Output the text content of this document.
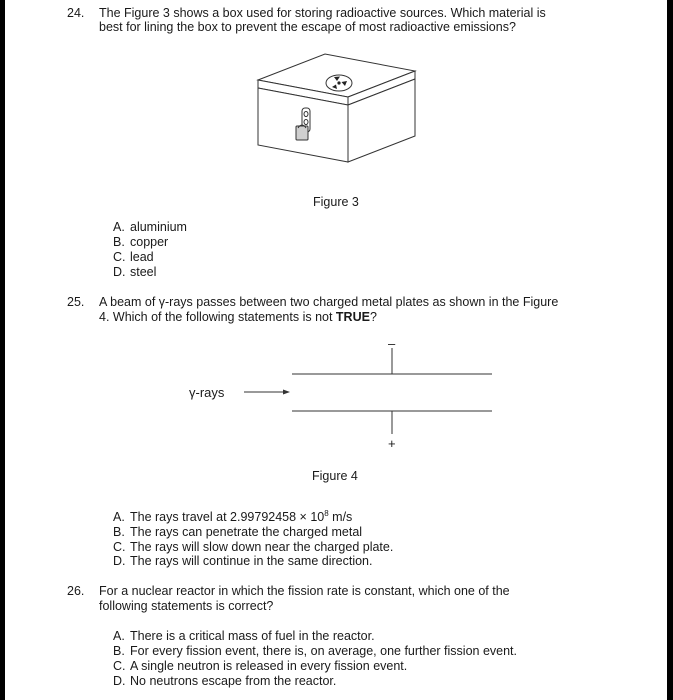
24. The Figure 3 shows a box used for storing radioactive sources. Which material is
best for lining the box to prevent the escape of most radioactive emissions?
Figure 3
A. aluminium
B. copper
C. lead
D. steel
25. A beam of γ-rays passes between two charged metal plates as shown in the Figure
4. Which of the following statements is not TRUE?
–
γ-rays
+
Figure 4
A. The rays travel at $2.99792458 \times 10^8$ m/s
B. The rays can penetrate the charged metal
C. The rays will slow down near the charged plate.
D. The rays will continue in the same direction.
26. For a nuclear reactor in which the fission rate is constant, which one of the
following statements is correct?
A. There is a critical mass of fuel in the reactor.
B. For every fission event, there is, on average, one further fission event.
C. A single neutron is released in every fission event.
D. No neutrons escape from the reactor.
